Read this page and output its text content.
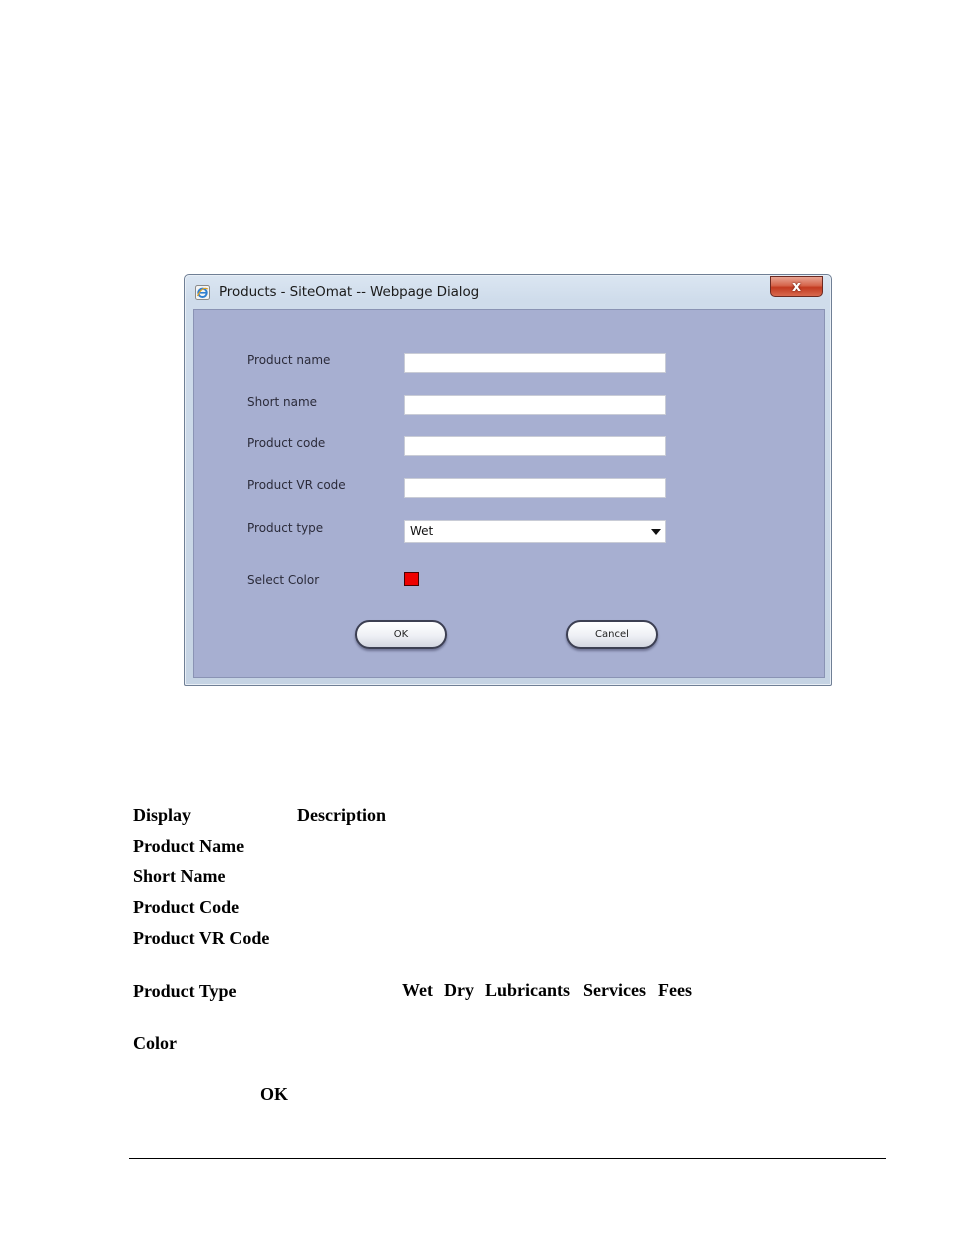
Products - SiteOmat -- Webpage Dialog	x
Product name
Short name
Product code
Product VR code
Product type	Wet
Select Color
OK	Cancel
Display	Description
Product Name
Short Name
Product Code
Product VR Code
Product Type	Wet Dry Lubricants Services Fees
Color
OK
